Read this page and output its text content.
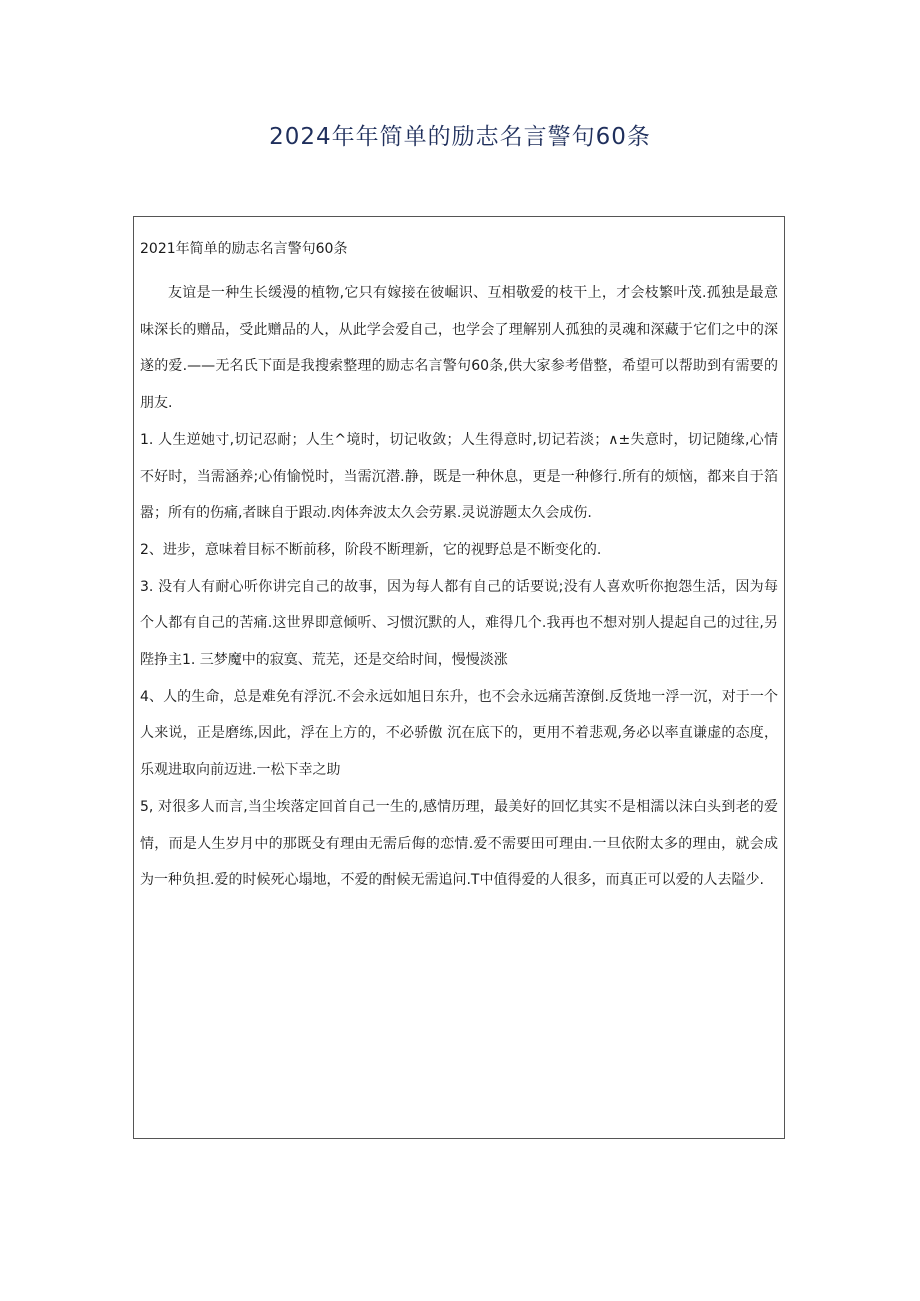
2024年年简单的励志名言警句60条

2021年简单的励志名言警句60条

友谊是一种生长缓漫的植物,它只有嫁接在彼崛识、互相敬爱的枝干上，才会枝繁叶茂.孤独是最意味深长的赠品，受此赠品的人，从此学会爱自己，也学会了理解别人孤独的灵魂和深藏于它们之中的深遂的爱.——无名氏下面是我搜索整理的励志名言警句60条,供大家参考借整，希望可以帮助到有需要的朋友.

1. 人生逆她寸,切记忍耐；人生^境时，切记收敛；人生得意时,切记若淡；∧±失意时，切记随缘,心情不好时，当需涵养;心侑愉悦时，当需沉潜.静，既是一种休息，更是一种修行.所有的烦恼，都来自于箔嚣；所有的伤痛,者睐自于跟动.肉体奔波太久会劳累.灵说游题太久会成伤.

2、进步，意味着目标不断前移，阶段不断理新，它的视野总是不断变化的.

3. 没有人有耐心听你讲完自己的故事，因为每人都有自己的话要说;没有人喜欢听你抱怨生活，因为每个人都有自己的苦痛.这世界即意倾听、习惯沉默的人，难得几个.我再也不想对别人提起自己的过往,另陛挣主1. 三梦魔中的寂寞、荒芜，还是交给时间，慢慢淡涨

4、人的生命，总是难免有浮沉.不会永远如旭日东升，也不会永远痛苦潦倒.反货地一浮一沉，对于一个人来说，正是磨练,因此，浮在上方的，不必骄傲 沉在底下的，更用不着悲观,务必以率直谦虚的态度，乐观进取向前迈进.一松下幸之助

5, 对很多人而言,当尘埃落定回首自己一生的,感情历理，最美好的回忆其实不是相濡以沫白头到老的爱情，而是人生岁月中的那既殳有理由无需后侮的恋情.爱不需要田可理由.一旦依附太多的理由，就会成为一种负担.爱的时候死心塌地，不爱的酎候无需追问.T中值得爱的人很多，而真正可以爱的人去隘少.
